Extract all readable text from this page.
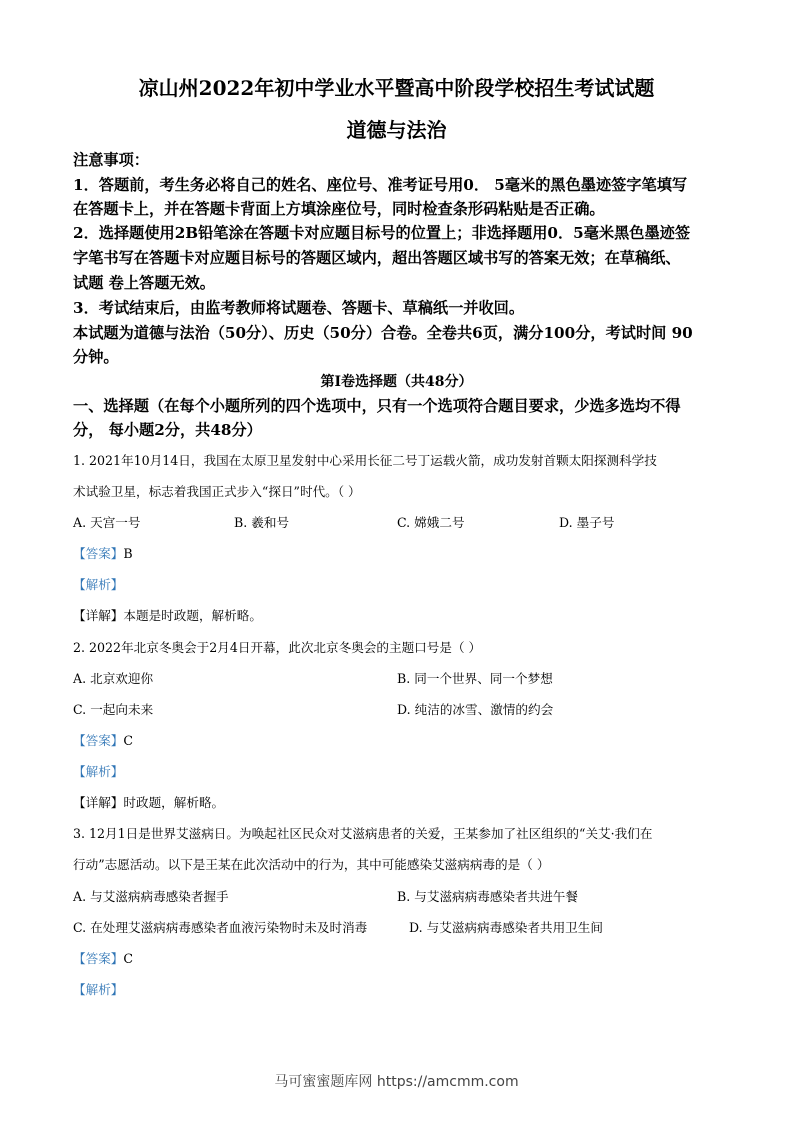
凉山州2022年初中学业水平暨高中阶段学校招生考试试题
道德与法治
注意事项：
1．答题前，考生务必将自己的姓名、座位号、准考证号用0． 5毫米的黑色墨迹签字笔填写
在答题卡上，并在答题卡背面上方填涂座位号，同时检查条形码粘贴是否正确。
2．选择题使用2B铅笔涂在答题卡对应题目标号的位置上；非选择题用0．5毫米黑色墨迹签
字笔书写在答题卡对应题目标号的答题区域内，超出答题区域书写的答案无效；在草稿纸、
试题 卷上答题无效。
3．考试结束后，由监考教师将试题卷、答题卡、草稿纸一并收回。
本试题为道德与法治（50分）、历史（50分）合卷。全卷共6页，满分100分，考试时间 90
分钟。
第I卷选择题（共48分）
一、选择题（在每个小题所列的四个选项中，只有一个选项符合题目要求，少选多选均不得
分， 每小题2分，共48分）
1. 2021年10月14日，我国在太原卫星发射中心采用长征二号丁运载火箭，成功发射首颗太阳探测科学技
术试验卫星，标志着我国正式步入“探日”时代。（ ）
A. 天宫一号	B. 羲和号	C. 嫦娥二号	D. 墨子号
【答案】B
【解析】
【详解】本题是时政题，解析略。
2. 2022年北京冬奥会于2月4日开幕，此次北京冬奥会的主题口号是（ ）
A. 北京欢迎你	B. 同一个世界、同一个梦想
C. 一起向未来	D. 纯洁的冰雪、激情的约会
【答案】C
【解析】
【详解】时政题，解析略。
3. 12月1日是世界艾滋病日。为唤起社区民众对艾滋病患者的关爱，王某参加了社区组织的“关艾·我们在
行动”志愿活动。以下是王某在此次活动中的行为，其中可能感染艾滋病病毒的是（ ）
A. 与艾滋病病毒感染者握手	B. 与艾滋病病毒感染者共进午餐
C. 在处理艾滋病病毒感染者血液污染物时未及时消毒	D. 与艾滋病病毒感染者共用卫生间
【答案】C
【解析】
马可蜜蜜题库网 https://amcmm.com
